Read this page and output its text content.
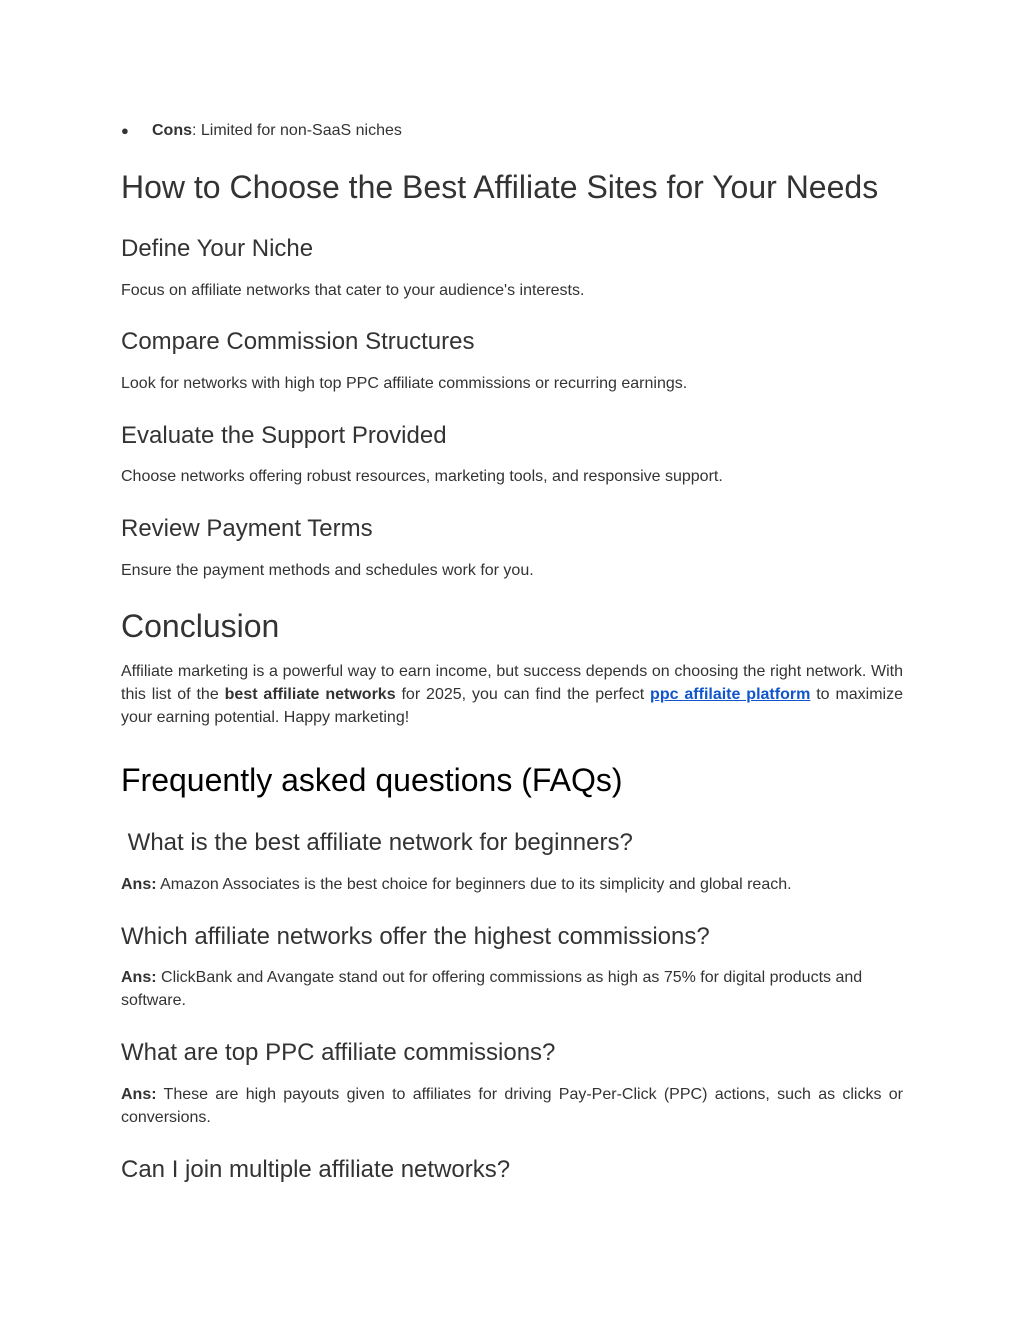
● Cons: Limited for non-SaaS niches
How to Choose the Best Affiliate Sites for Your Needs
Define Your Niche

Focus on affiliate networks that cater to your audience's interests.

Compare Commission Structures

Look for networks with high top PPC affiliate commissions or recurring earnings.

Evaluate the Support Provided

Choose networks offering robust resources, marketing tools, and responsive support.

Review Payment Terms

Ensure the payment methods and schedules work for you.

Conclusion

Affiliate marketing is a powerful way to earn income, but success depends on choosing the right network. With this list of the best affiliate networks for 2025, you can find the perfect ppc affilaite platform to maximize your earning potential. Happy marketing!

Frequently asked questions (FAQs)
What is the best affiliate network for beginners?

Ans: Amazon Associates is the best choice for beginners due to its simplicity and global reach.

Which affiliate networks offer the highest commissions?

Ans: ClickBank and Avangate stand out for offering commissions as high as 75% for digital products and software.

What are top PPC affiliate commissions?

Ans: These are high payouts given to affiliates for driving Pay-Per-Click (PPC) actions, such as clicks or conversions.

Can I join multiple affiliate networks?
